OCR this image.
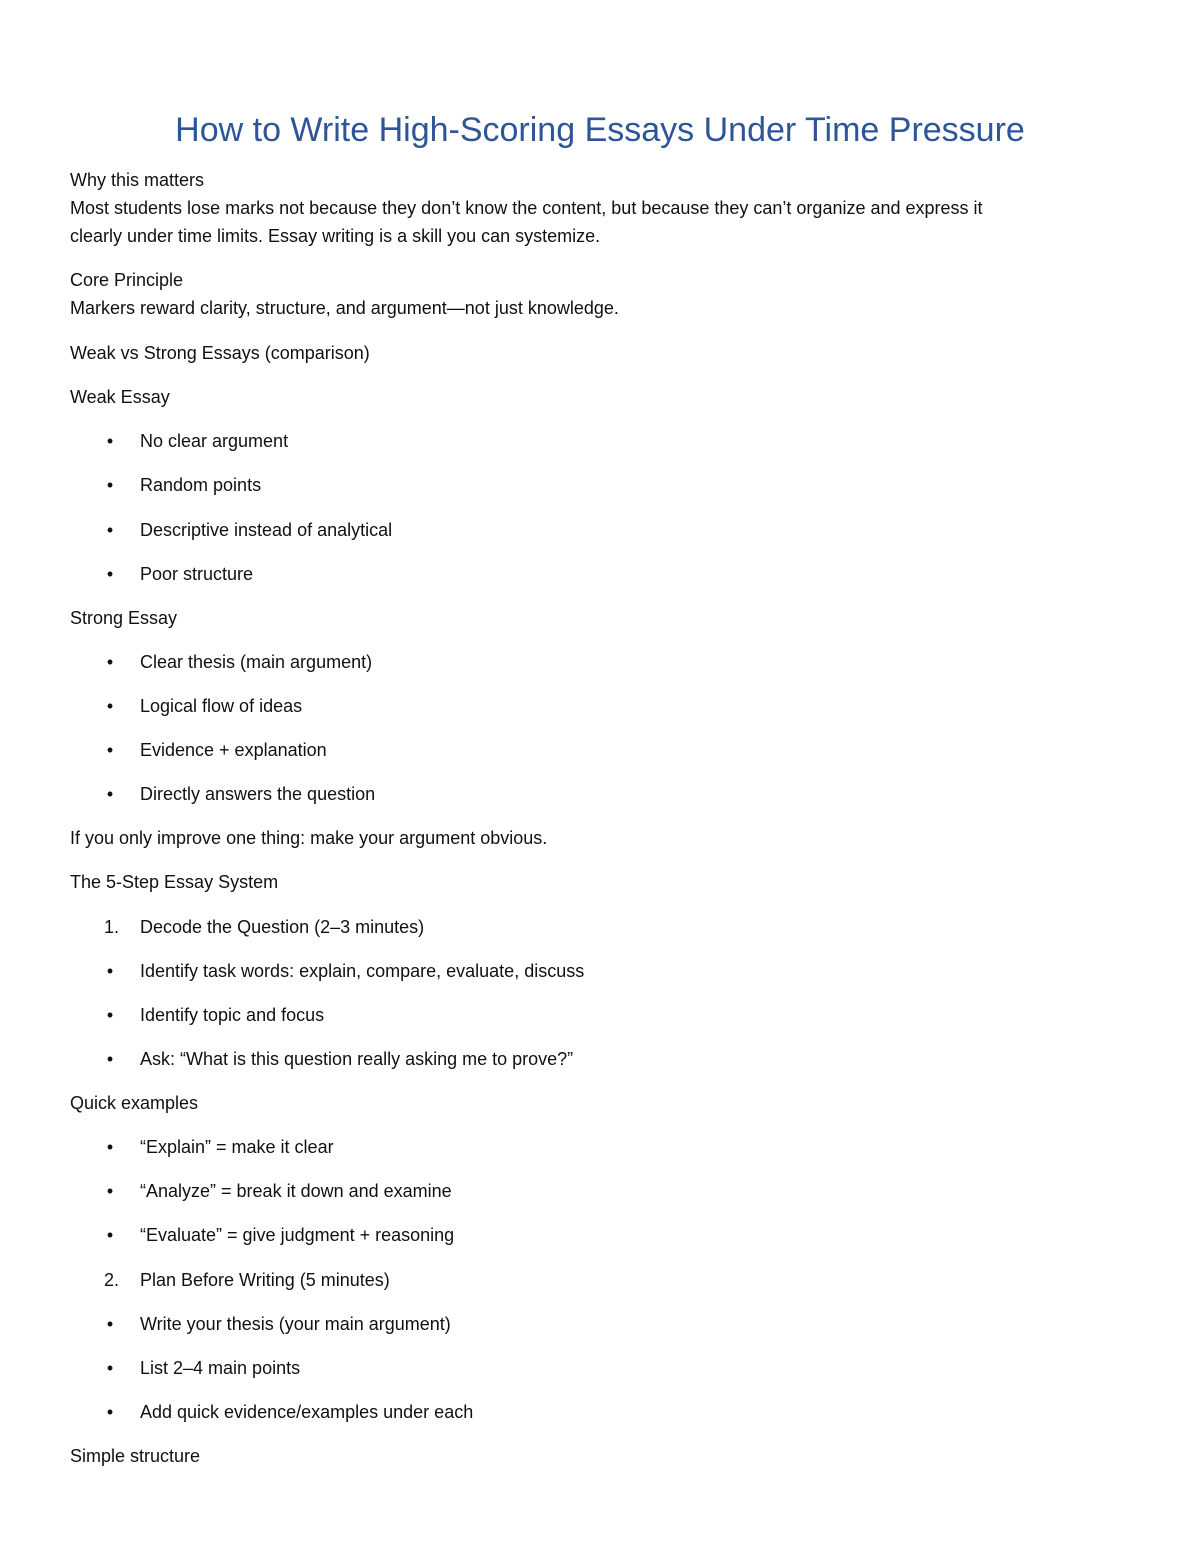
How to Write High-Scoring Essays Under Time Pressure

Why this matters

Most students lose marks not because they don’t know the content, but because they can’t organize and express it

clearly under time limits. Essay writing is a skill you can systemize.

Core Principle

Markers reward clarity, structure, and argument—not just knowledge.

Weak vs Strong Essays (comparison)

Weak Essay

•	No clear argument
•	Random points
•	Descriptive instead of analytical
•	Poor structure

Strong Essay

•	Clear thesis (main argument)
•	Logical flow of ideas
•	Evidence + explanation
•	Directly answers the question

If you only improve one thing: make your argument obvious.

The 5-Step Essay System

1. Decode the Question (2–3 minutes)
•	Identify task words: explain, compare, evaluate, discuss
•	Identify topic and focus
•	Ask: “What is this question really asking me to prove?”

Quick examples

•	“Explain” = make it clear
•	“Analyze” = break it down and examine
•	“Evaluate” = give judgment + reasoning
2. Plan Before Writing (5 minutes)
•	Write your thesis (your main argument)
•	List 2–4 main points
•	Add quick evidence/examples under each

Simple structure
